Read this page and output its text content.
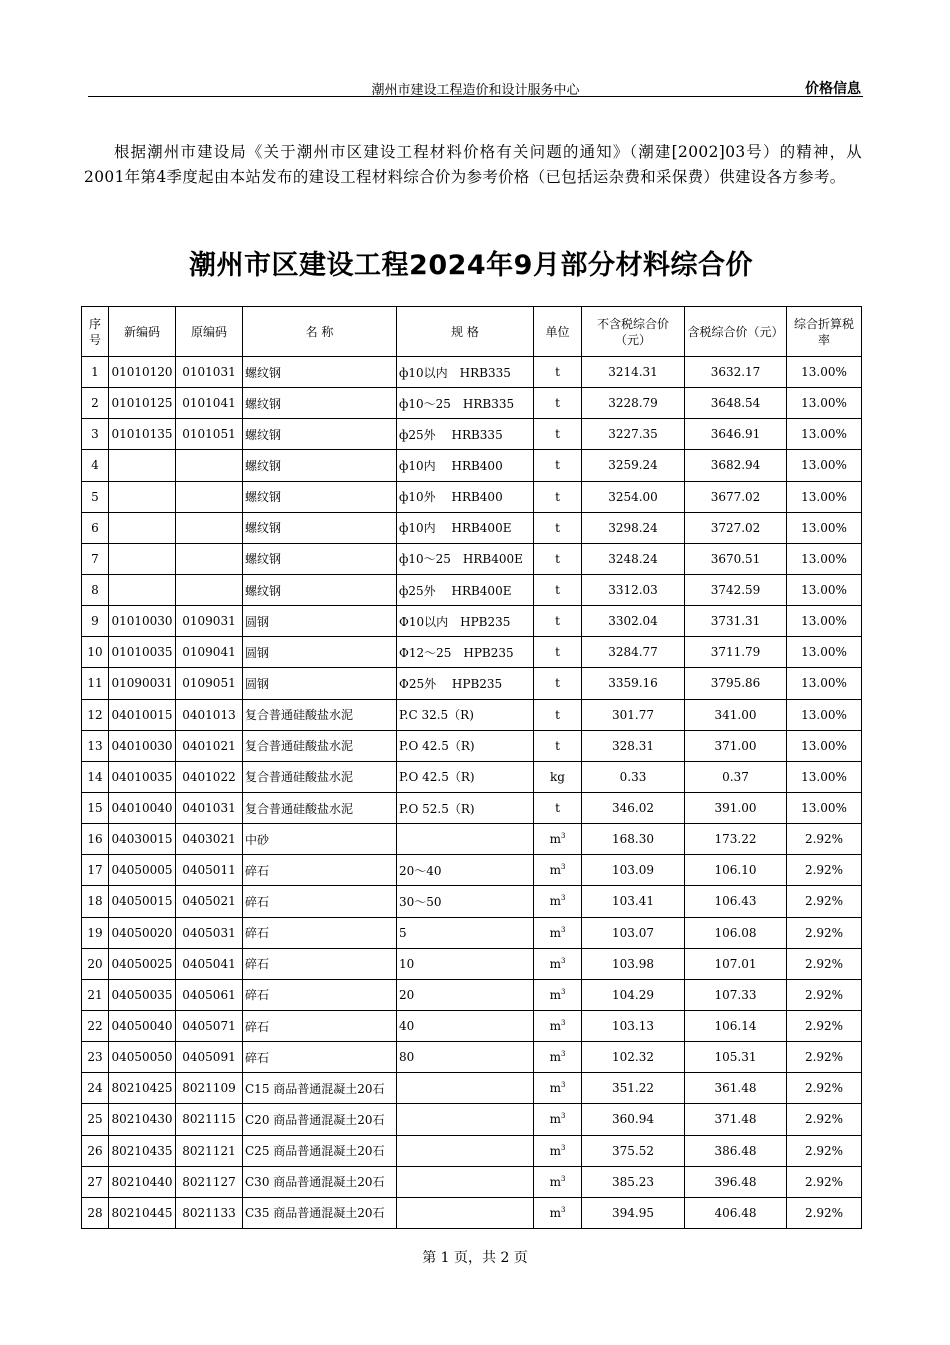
潮州市建设工程造价和设计服务中心	价格信息
根据潮州市建设局《关于潮州市区建设工程材料价格有关问题的通知》（潮建[2002]03号）的精神，从2001年第4季度起由本站发布的建设工程材料综合价为参考价格（已包括运杂费和采保费）供建设各方参考。
潮州市区建设工程2024年9月部分材料综合价
序号	新编码	原编码	名 称	规 格	单位	不含税综合价（元）	含税综合价（元）	综合折算税率
1	01010120	0101031	螺纹钢	ф10以内　HRB335	t	3214.31	3632.17	13.00%
2	01010125	0101041	螺纹钢	ф10～25　HRB335	t	3228.79	3648.54	13.00%
3	01010135	0101051	螺纹钢	ф25外　 HRB335	t	3227.35	3646.91	13.00%
4			螺纹钢	ф10内　 HRB400	t	3259.24	3682.94	13.00%
5			螺纹钢	ф10外　 HRB400	t	3254.00	3677.02	13.00%
6			螺纹钢	ф10内　 HRB400E	t	3298.24	3727.02	13.00%
7			螺纹钢	ф10～25　HRB400E	t	3248.24	3670.51	13.00%
8			螺纹钢	ф25外　 HRB400E	t	3312.03	3742.59	13.00%
9	01010030	0109031	圆钢	Φ10以内　HPB235	t	3302.04	3731.31	13.00%
10	01010035	0109041	圆钢	Φ12～25　HPB235	t	3284.77	3711.79	13.00%
11	01090031	0109051	圆钢	Φ25外　 HPB235	t	3359.16	3795.86	13.00%
12	04010015	0401013	复合普通硅酸盐水泥	P.C 32.5（R)	t	301.77	341.00	13.00%
13	04010030	0401021	复合普通硅酸盐水泥	P.O 42.5（R)	t	328.31	371.00	13.00%
14	04010035	0401022	复合普通硅酸盐水泥	P.O 42.5（R)	kg	0.33	0.37	13.00%
15	04010040	0401031	复合普通硅酸盐水泥	P.O 52.5（R)	t	346.02	391.00	13.00%
16	04030015	0403021	中砂		$m^3$	168.30	173.22	2.92%
17	04050005	0405011	碎石	20～40	$m^3$	103.09	106.10	2.92%
18	04050015	0405021	碎石	30～50	$m^3$	103.41	106.43	2.92%
19	04050020	0405031	碎石	5	$m^3$	103.07	106.08	2.92%
20	04050025	0405041	碎石	10	$m^3$	103.98	107.01	2.92%
21	04050035	0405061	碎石	20	$m^3$	104.29	107.33	2.92%
22	04050040	0405071	碎石	40	$m^3$	103.13	106.14	2.92%
23	04050050	0405091	碎石	80	$m^3$	102.32	105.31	2.92%
24	80210425	8021109	C15 商品普通混凝土20石		$m^3$	351.22	361.48	2.92%
25	80210430	8021115	C20 商品普通混凝土20石		$m^3$	360.94	371.48	2.92%
26	80210435	8021121	C25 商品普通混凝土20石		$m^3$	375.52	386.48	2.92%
27	80210440	8021127	C30 商品普通混凝土20石		$m^3$	385.23	396.48	2.92%
28	80210445	8021133	C35 商品普通混凝土20石		$m^3$	394.95	406.48	2.92%
第 1 页，共 2 页
